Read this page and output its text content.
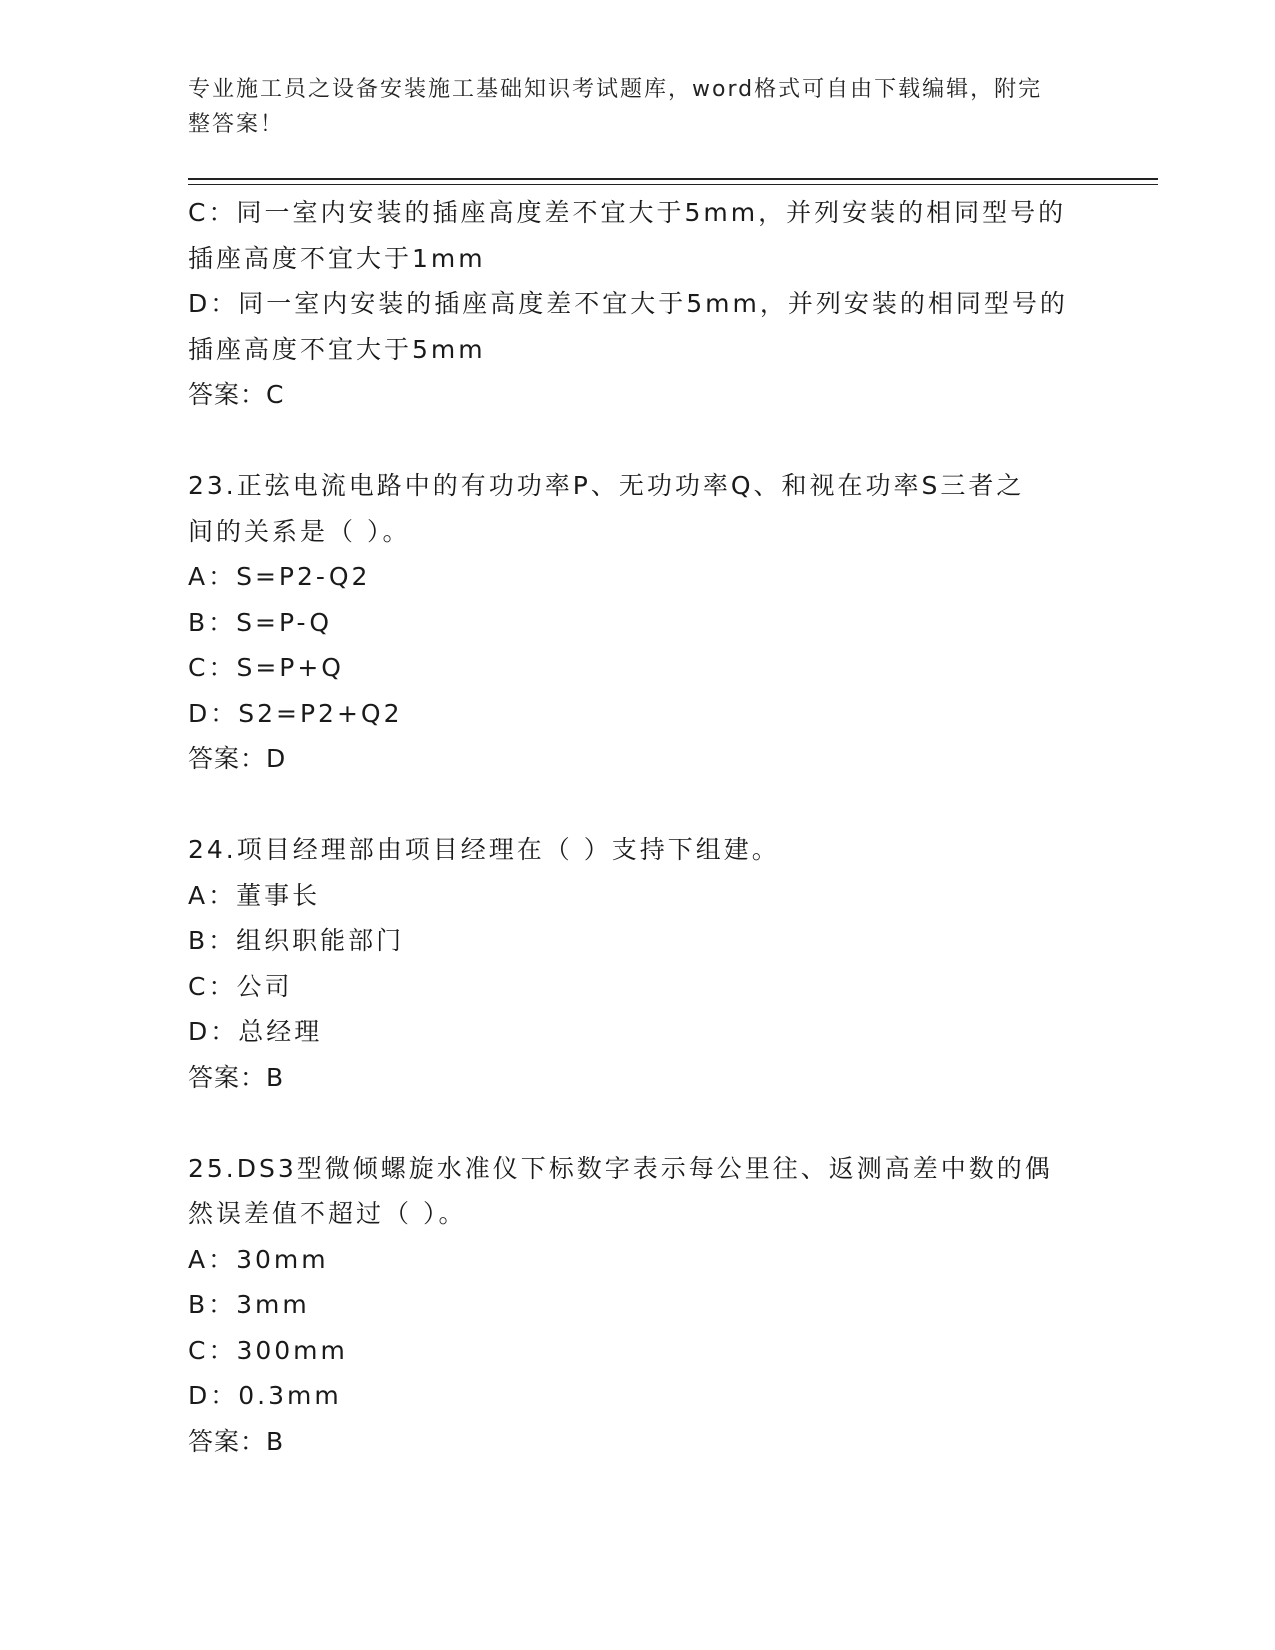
专业施工员之设备安装施工基础知识考试题库，word格式可自由下载编辑，附完
整答案！
C：同一室内安装的插座高度差不宜大于5mm，并列安装的相同型号的
插座高度不宜大于1mm
D：同一室内安装的插座高度差不宜大于5mm，并列安装的相同型号的
插座高度不宜大于5mm
答案：C
23.正弦电流电路中的有功功率P、无功功率Q、和视在功率S三者之
间的关系是（ ）。
A：S=P2-Q2
B：S=P-Q
C：S=P+Q
D：S2=P2+Q2
答案：D
24.项目经理部由项目经理在（ ）支持下组建。
A：董事长
B：组织职能部门
C：公司
D：总经理
答案：B
25.DS3型微倾螺旋水准仪下标数字表示每公里往、返测高差中数的偶
然误差值不超过（ ）。
A：30mm
B：3mm
C：300mm
D：0.3mm
答案：B
